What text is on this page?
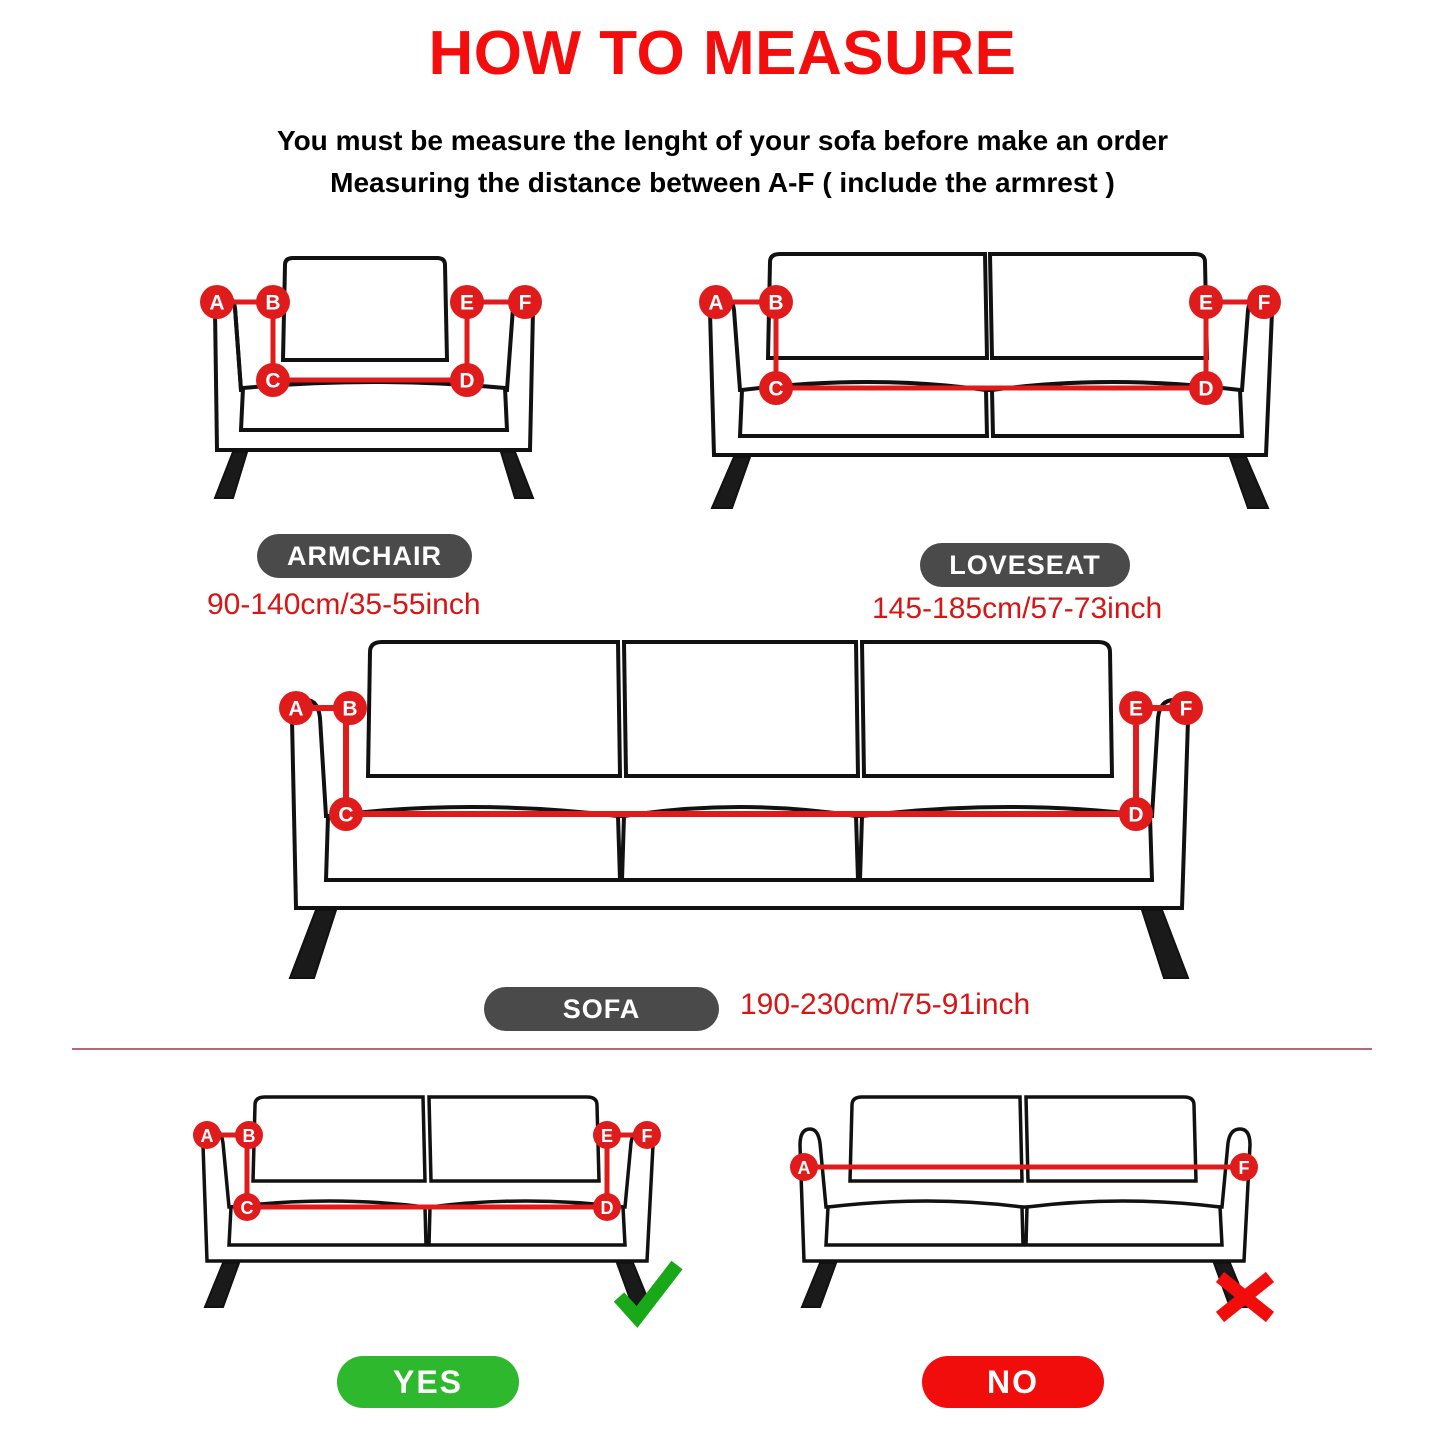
HOW TO MEASURE
You must be measure the lenght of your sofa before make an order
Measuring the distance between A-F ( include the armrest )
A B
C	D
E F
ARMCHAIR
90-140cm/35-55inch
A B
C	D
E F
LOVESEAT
145-185cm/57-73inch
A B
C	D
E F
SOFA	190-230cm/75-91inch
A B
C	D
E F
YES
A	F
NO
